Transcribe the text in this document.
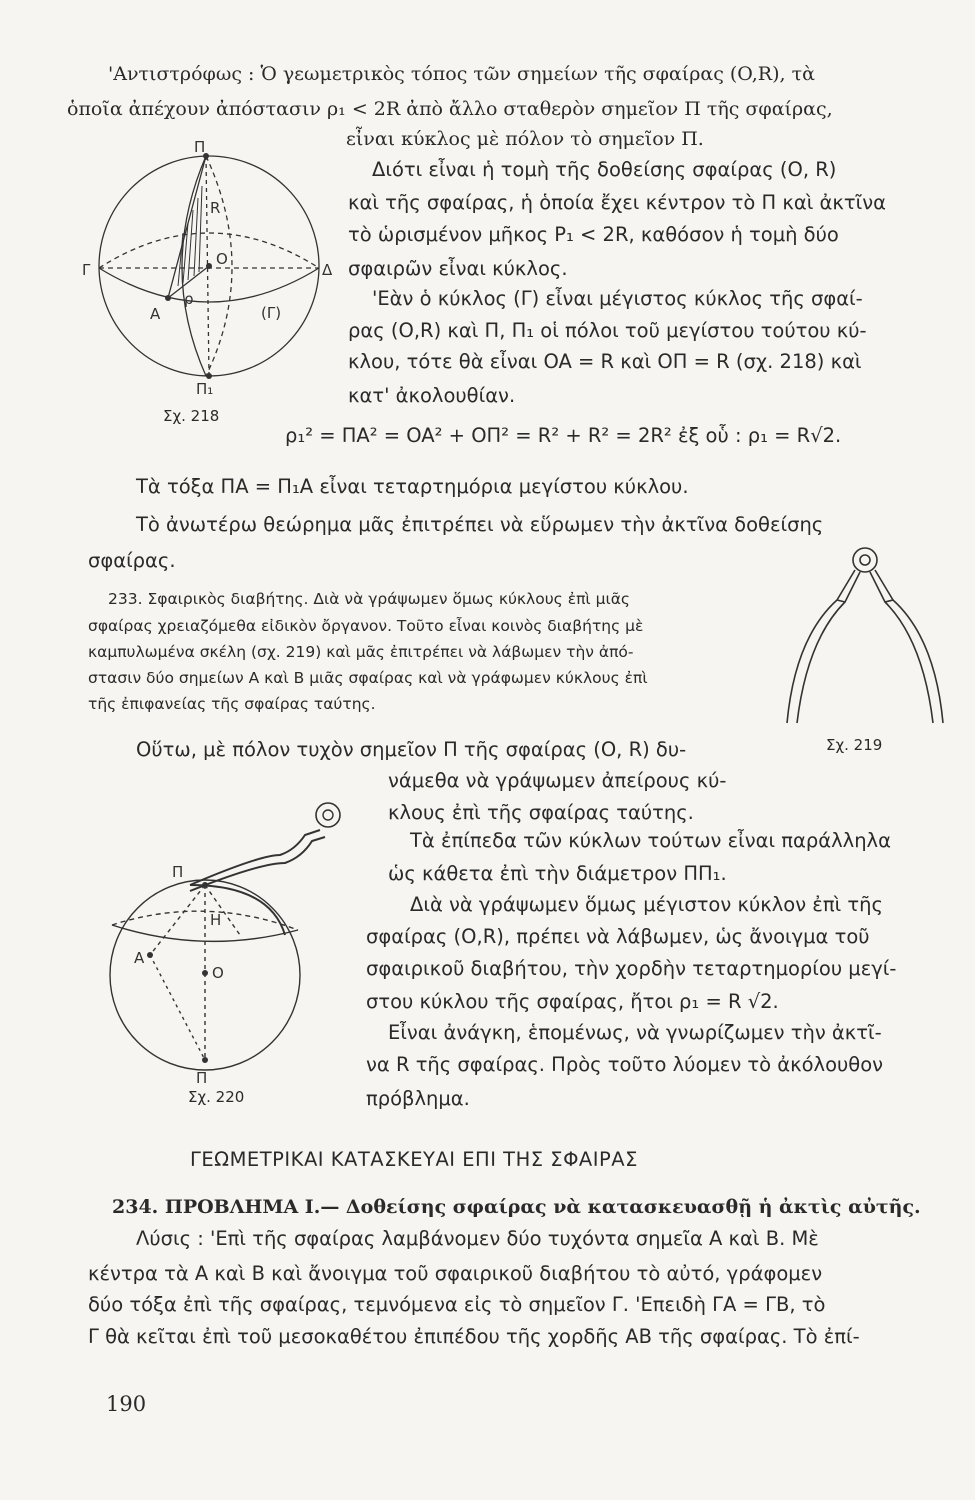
'Αντιστρόφως : Ὁ γεωμετρικὸς τόπος τῶν σημείων τῆς σφαίρας (O,R), τὰ
ὁποῖα ἀπέχουν ἀπόστασιν ρ₁ < 2R ἀπὸ ἄλλο σταθερὸν σημεῖον Π τῆς σφαίρας,
εἶναι κύκλος μὲ πόλον τὸ σημεῖον Π.
Π
Π₁
Γ	Δ
A
O
R
ρ
(Γ)
Σχ. 218
Διότι εἶναι ἡ τομὴ τῆς δοθείσης σφαίρας (O, R)
καὶ τῆς σφαίρας, ἡ ὁποία ἔχει κέντρον τὸ Π καὶ ἀκτῖνα
τὸ ὡρισμένον μῆκος P₁ < 2R, καθόσον ἡ τομὴ δύο
σφαιρῶν εἶναι κύκλος.
'Εὰν ὁ κύκλος (Γ) εἶναι μέγιστος κύκλος τῆς σφαί-
ρας (O,R) καὶ Π, Π₁ οἱ πόλοι τοῦ μεγίστου τούτου κύ-
κλου, τότε θὰ εἶναι OA = R καὶ OΠ = R (σχ. 218) καὶ
κατ' ἀκολουθίαν.
ρ₁² = ΠA² = OA² + OΠ² = R² + R² = 2R² ἐξ οὗ : ρ₁ = R√2.
Τὰ τόξα ΠA = Π₁A εἶναι τεταρτημόρια μεγίστου κύκλου.
Τὸ ἀνωτέρω θεώρημα μᾶς ἐπιτρέπει νὰ εὕρωμεν τὴν ἀκτῖνα δοθείσης
σφαίρας.
233. Σφαιρικὸς διαβήτης. Διὰ νὰ γράψωμεν ὅμως κύκλους ἐπὶ μιᾶς
σφαίρας χρειαζόμεθα εἰδικὸν ὄργανον. Τοῦτο εἶναι κοινὸς διαβήτης μὲ
καμπυλωμένα σκέλη (σχ. 219) καὶ μᾶς ἐπιτρέπει νὰ λάβωμεν τὴν ἀπό-
στασιν δύο σημείων A καὶ B μιᾶς σφαίρας καὶ νὰ γράφωμεν κύκλους ἐπὶ
τῆς ἐπιφανείας τῆς σφαίρας ταύτης.
Σχ. 219
Οὕτω, μὲ πόλον τυχὸν σημεῖον Π τῆς σφαίρας (O, R) δυ-
νάμεθα νὰ γράψωμεν ἀπείρους κύ-
κλους ἐπὶ τῆς σφαίρας ταύτης.
Τὰ ἐπίπεδα τῶν κύκλων τούτων εἶναι παράλληλα
ὡς κάθετα ἐπὶ τὴν διάμετρον ΠΠ₁.
Διὰ νὰ γράψωμεν ὅμως μέγιστον κύκλον ἐπὶ τῆς
σφαίρας (O,R), πρέπει νὰ λάβωμεν, ὡς ἄνοιγμα τοῦ
σφαιρικοῦ διαβήτου, τὴν χορδὴν τεταρτημορίου μεγί-
στου κύκλου τῆς σφαίρας, ἤτοι ρ₁ = R √2.
Εἶναι ἀνάγκη, ἑπομένως, νὰ γνωρίζωμεν τὴν ἀκτῖ-
να R τῆς σφαίρας. Πρὸς τοῦτο λύομεν τὸ ἀκόλουθον
πρόβλημα.
Π
A
H
O
Π
Σχ. 220
ΓΕΩΜΕΤΡΙΚΑΙ ΚΑΤΑΣΚΕΥΑΙ ΕΠΙ ΤΗΣ ΣΦΑΙΡΑΣ
234. ΠΡΟΒΛΗΜΑ Ι.— Δοθείσης σφαίρας νὰ κατασκευασθῇ ἡ ἀκτὶς αὐτῆς.
Λύσις : 'Επὶ τῆς σφαίρας λαμβάνομεν δύο τυχόντα σημεῖα A καὶ B. Μὲ
κέντρα τὰ A καὶ B καὶ ἄνοιγμα τοῦ σφαιρικοῦ διαβήτου τὸ αὐτό, γράφομεν
δύο τόξα ἐπὶ τῆς σφαίρας, τεμνόμενα εἰς τὸ σημεῖον Γ. 'Επειδὴ ΓA = ΓB, τὸ
Γ θὰ κεῖται ἐπὶ τοῦ μεσοκαθέτου ἐπιπέδου τῆς χορδῆς AB τῆς σφαίρας. Τὸ ἐπί-
190
